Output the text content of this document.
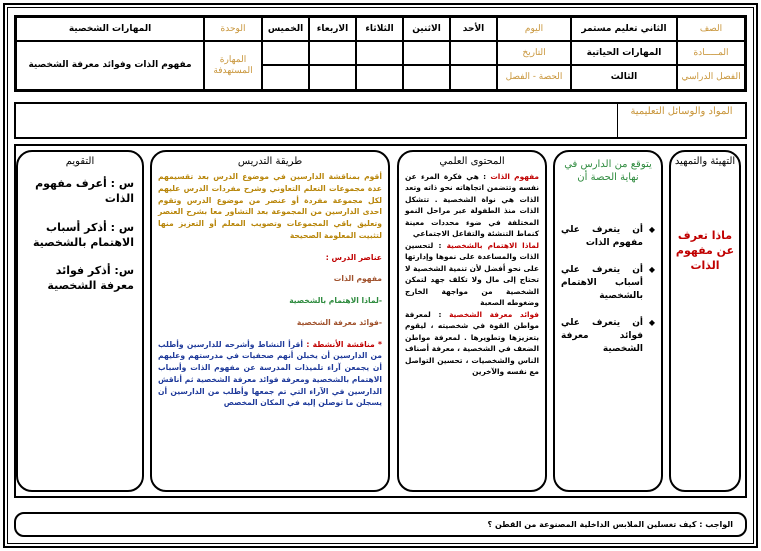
الصف
المـــــادة
الفصل الدراسي
الثاني تعليم مستمر
المهارات الحياتية
الثالث
اليوم
التاريخ
الحصة - الفصل
الأحد
الاثنين
الثلاثاء
الاربعاء
الخميس
الوحدة
المهارة المستهدفة
المهارات الشخصية
مفهوم الذات وفوائد معرفة الشخصية
المواد والوسائل التعليمية
التهيئة والتمهيد
ماذا تعرف عن مفهوم الذات
يتوقع من الدارس في نهاية الحصة أن
◆ أن يتعرف علي مفهوم الذات
◆ أن يتعرف علي أسباب الاهتمام بالشخصية
◆ أن يتعرف علي فوائد معرفة الشخصية
المحتوى العلمي
مفهوم الذات : هي فكرة المرء عن نفسه وتتضمن اتجاهاته نحو ذاته وتعد الذات هي نواة الشخصية . تتشكل الذات منذ الطفولة عبر مراحل النمو المختلفة في ضوء محددات معينة كنماط التنشئة والتفاعل الاجتماعي
لماذا الاهتمام بالشخصية : لتحسين الذات والمساعدة على نموها وإدارتها على نحو أفضل لأن تنمية الشخصية لا تحتاج إلى مال ولا تكلف جهد لتمكن الشخصية من مواجهة الخارج وضغوطه الصعبة
فوائد معرفة الشخصية : لمعرفة مواطن القوة في شخصيته ، ليقوم بتعزيزها وتطويرها . لمعرفة مواطن الضعف في الشخصية ، معرفة أصناف الناس والشخصيات ، تحسين التواصل مع نفسه والآخرين
طريقة التدريس
أقوم بمناقشة الدارسين في موضوع الدرس بعد تقسيمهم عدة مجموعات التعلم التعاوني وشرح مفردات الدرس عليهم لكل مجموعة مفردة أو عنصر من موضوع الدرس وتقوم احدى الدارسين من المجموعة بعد التشاور معا بشرح العنصر وتعليق باقي المجموعات وتصويب المعلم أو التعزيز منها لتثبيت المعلومة الصحيحة
عناصر الدرس :
مفهوم الذات
-لماذا الاهتمام بالشخصية
-فوائد معرفة الشخصية
* مناقشة الأنشطة : أقرأ النشاط وأشرحه للدارسين وأطلب من الدارسين أن يخبلن أنهم صحفيات في مدرستهم وعليهم أن يجمعن آراء تلميذات المدرسة عن مفهوم الذات وأسباب الاهتمام بالشخصية ومعرفة فوائد معرفة الشخصية ثم أناقش الدارسين في الآراء التي تم جمعها وأطلب من الدارسين أن يسجلن ما توصلن إليه في المكان المخصص
التقويم
س : أعرف مفهوم الذات
س : أذكر أسباب الاهتمام بالشخصية
س: أذكر فوائد معرفة الشخصية
الواجب : كيف تغسلين الملابس الداخلية المصنوعة من القطن ؟
